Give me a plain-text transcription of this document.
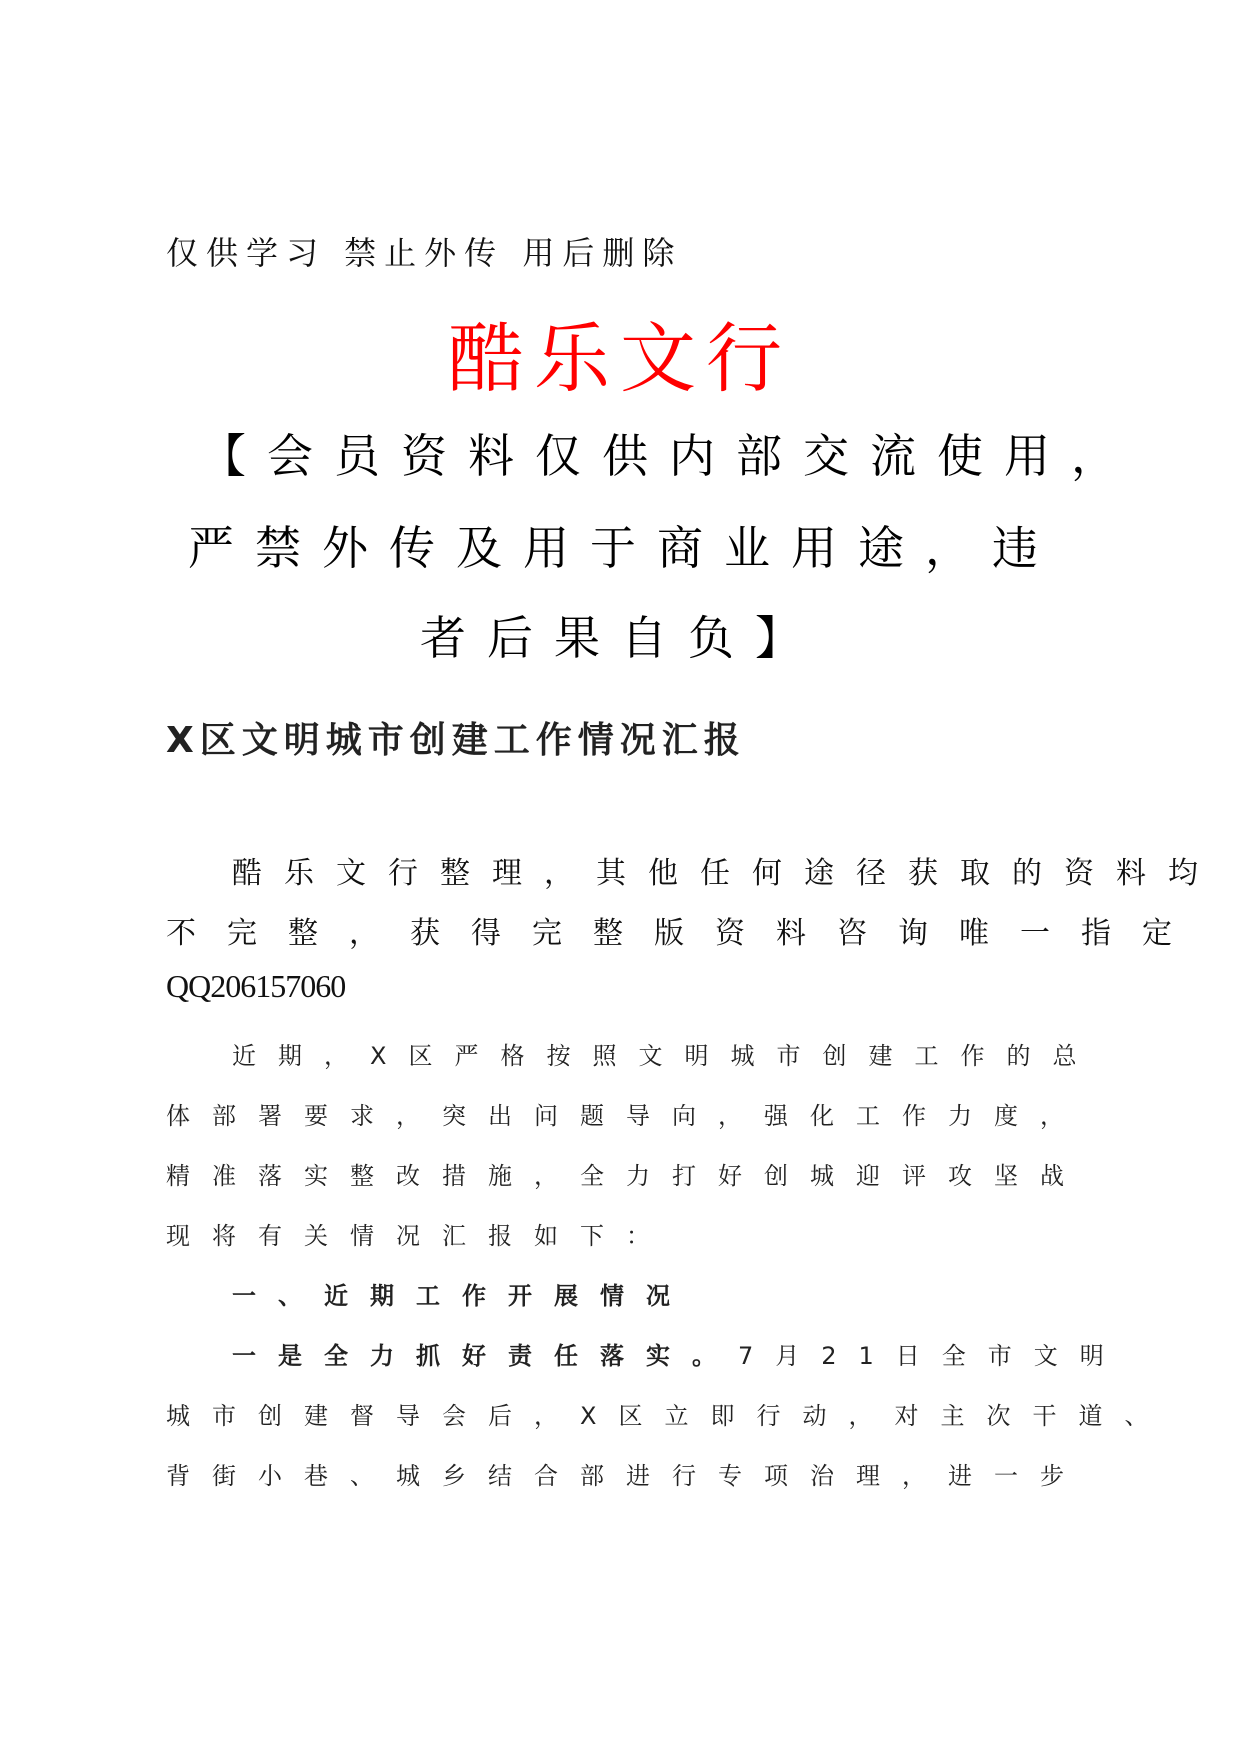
仅供学习 禁止外传 用后删除
酷乐文行
【会员资料仅供内部交流使用，
严禁外传及用于商业用途，违
者后果自负】
X区文明城市创建工作情况汇报
酷乐文行整理，其他任何途径获取的资料均
不完整，获得完整版资料咨询唯一指定
QQ206157060
近期，X区严格按照文明城市创建工作的总
体部署要求，突出问题导向，强化工作力度，
精准落实整改措施，全力打好创城迎评攻坚战
现将有关情况汇报如下：
一、近期工作开展情况
一是全力抓好责任落实。7月21日全市文明
城市创建督导会后，X区立即行动，对主次干道、
背街小巷、城乡结合部进行专项治理，进一步
